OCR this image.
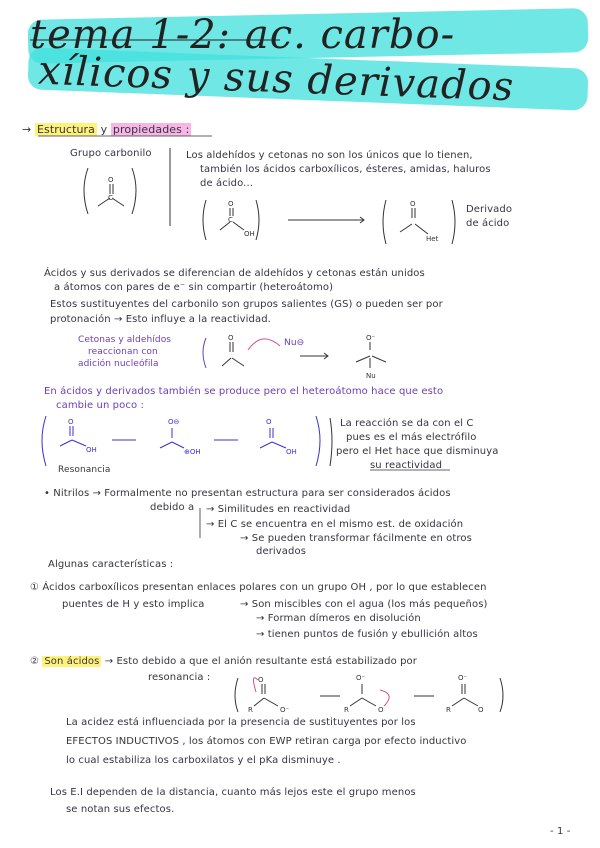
tema 1-2: ac. carbo-
xílicos y sus derivados
→ Estructura y propiedades :
Grupo carbonilo	Los aldehídos y cetonas no son los únicos que lo tienen,
también los ácidos carboxílicos, ésteres, amidas, haluros
de ácido...
Derivado
de ácido
Ácidos y sus derivados se diferencian de aldehídos y cetonas están unidos
a átomos con pares de e⁻ sin compartir (heteroátomo)
Estos sustituyentes del carbonilo son grupos salientes (GS) o pueden ser por
protonación → Esto influye a la reactividad.
Cetonas y aldehídos
reaccionan con
adición nucleófila
Nu⊖
En ácidos y derivados también se produce pero el heteroátomo hace que esto
cambie un poco :
La reacción se da con el C
pues es el más electrófilo
pero el Het hace que disminuya
su reactividad
Resonancia
• Nitrilos → Formalmente no presentan estructura para ser considerados ácidos
debido a → Similitudes en reactividad
→ El C se encuentra en el mismo est. de oxidación
→ Se pueden transformar fácilmente en otros
derivados
Algunas características :
① Ácidos carboxílicos presentan enlaces polares con un grupo OH , por lo que establecen
puentes de H y esto implica	→ Son miscibles con el agua (los más pequeños)
→ Forman dímeros en disolución
→ tienen puntos de fusión y ebullición altos
② Son ácidos → Esto debido a que el anión resultante está estabilizado por
resonancia :
La acidez está influenciada por la presencia de sustituyentes por los
EFECTOS INDUCTIVOS , los átomos con EWP retiran carga por efecto inductivo
lo cual estabiliza los carboxilatos y el pKa disminuye .
Los E.I dependen de la distancia, cuanto más lejos este el grupo menos
se notan sus efectos.
- 1 -
O
C
O
C
OH
O
Het
O	O⁻
Nu
O
OH
O⊖
⊕OH
O
OH
O
R	O⁻
O⁻
R	O
O⁻
R	O
